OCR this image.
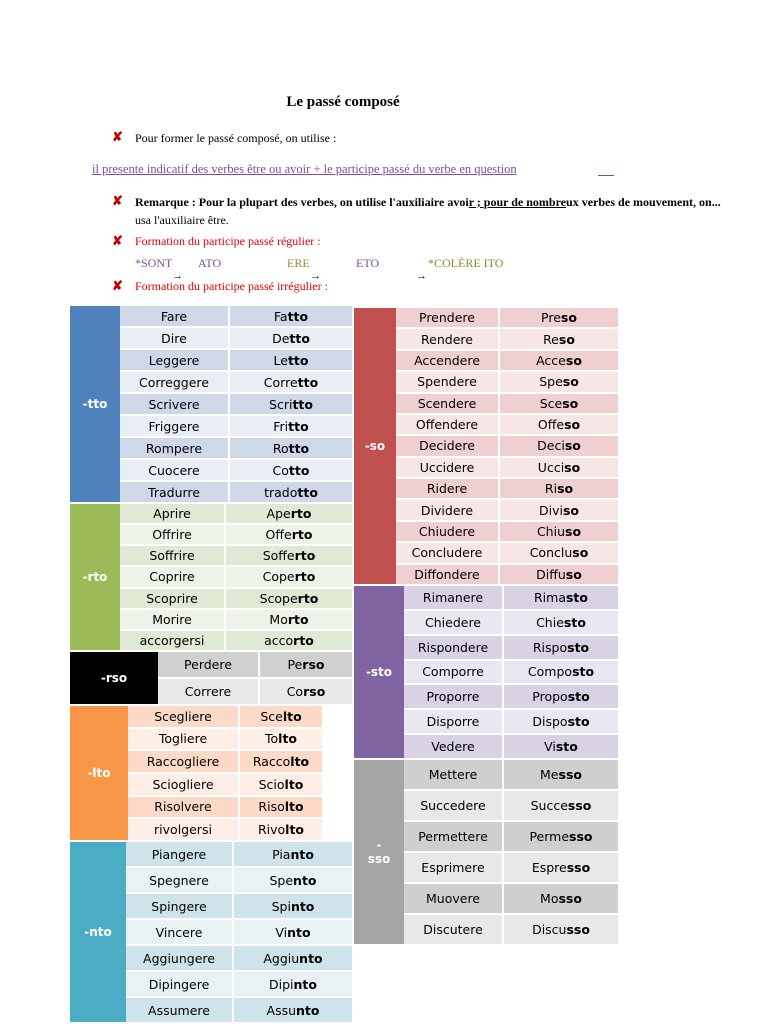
Le passé composé
✘ Pour former le passé composé, on utilise :
il presente indicatif des verbes être ou avoir + le participe passé du verbe en question
✘ Remarque : Pour la plupart des verbes, on utilise l'auxiliaire avoir ; pour de nombreux verbes de mouvement, on...
usa l'auxiliaire être.
✘ Formation du participe passé régulier :
*SONT ATO	ERE	ETO	*COLÈRE ITO
→	→	→
✘ Formation du participe passé irrégulier :
-tto
Fare	Fa tto
Dire	De tto
Leggere	Le tto
Correggere	Corre tto
Scrivere	Scri tto
Friggere	Fri tto
Rompere	Ro tto
Cuocere	Co tto
Tradurre	trado tto
-rto
Aprire	Ape rto
Offrire	Offe rto
Soffrire	Soffe rto
Coprire	Cope rto
Scoprire	Scope rto
Morire	Mo rto
accorgersi	acco rto
-rso
Perdere	Pe rso
Correre	Co rso
-lto
Scegliere	Sce lto
Togliere	To lto
Raccogliere	Racco lto
Sciogliere	Scio lto
Risolvere	Riso lto
rivolgersi	Rivo lto
-nto
Piangere	Pia nto
Spegnere	Spe nto
Spingere	Spi nto
Vincere	Vi nto
Aggiungere	Aggiu nto
Dipingere	Dipi nto
Assumere	Assu nto
-so
Prendere	Pre so
Rendere	Re so
Accendere	Acce so
Spendere	Spe so
Scendere	Sce so
Offendere	Offe so
Decidere	Deci so
Uccidere	Ucci so
Ridere	Ri so
Dividere	Divi so
Chiudere	Chiu so
Concludere	Conclu so
Diffondere	Diffu so
-sto
Rimanere	Rima sto
Chiedere	Chie sto
Rispondere	Rispo sto
Comporre	Compo sto
Proporre	Propo sto
Disporre	Dispo sto
Vedere	Vi sto
-
sso
Mettere	Me sso
Succedere	Succe sso
Permettere	Perme sso
Esprimere	Espre sso
Muovere	Mo sso
Discutere	Discu sso
